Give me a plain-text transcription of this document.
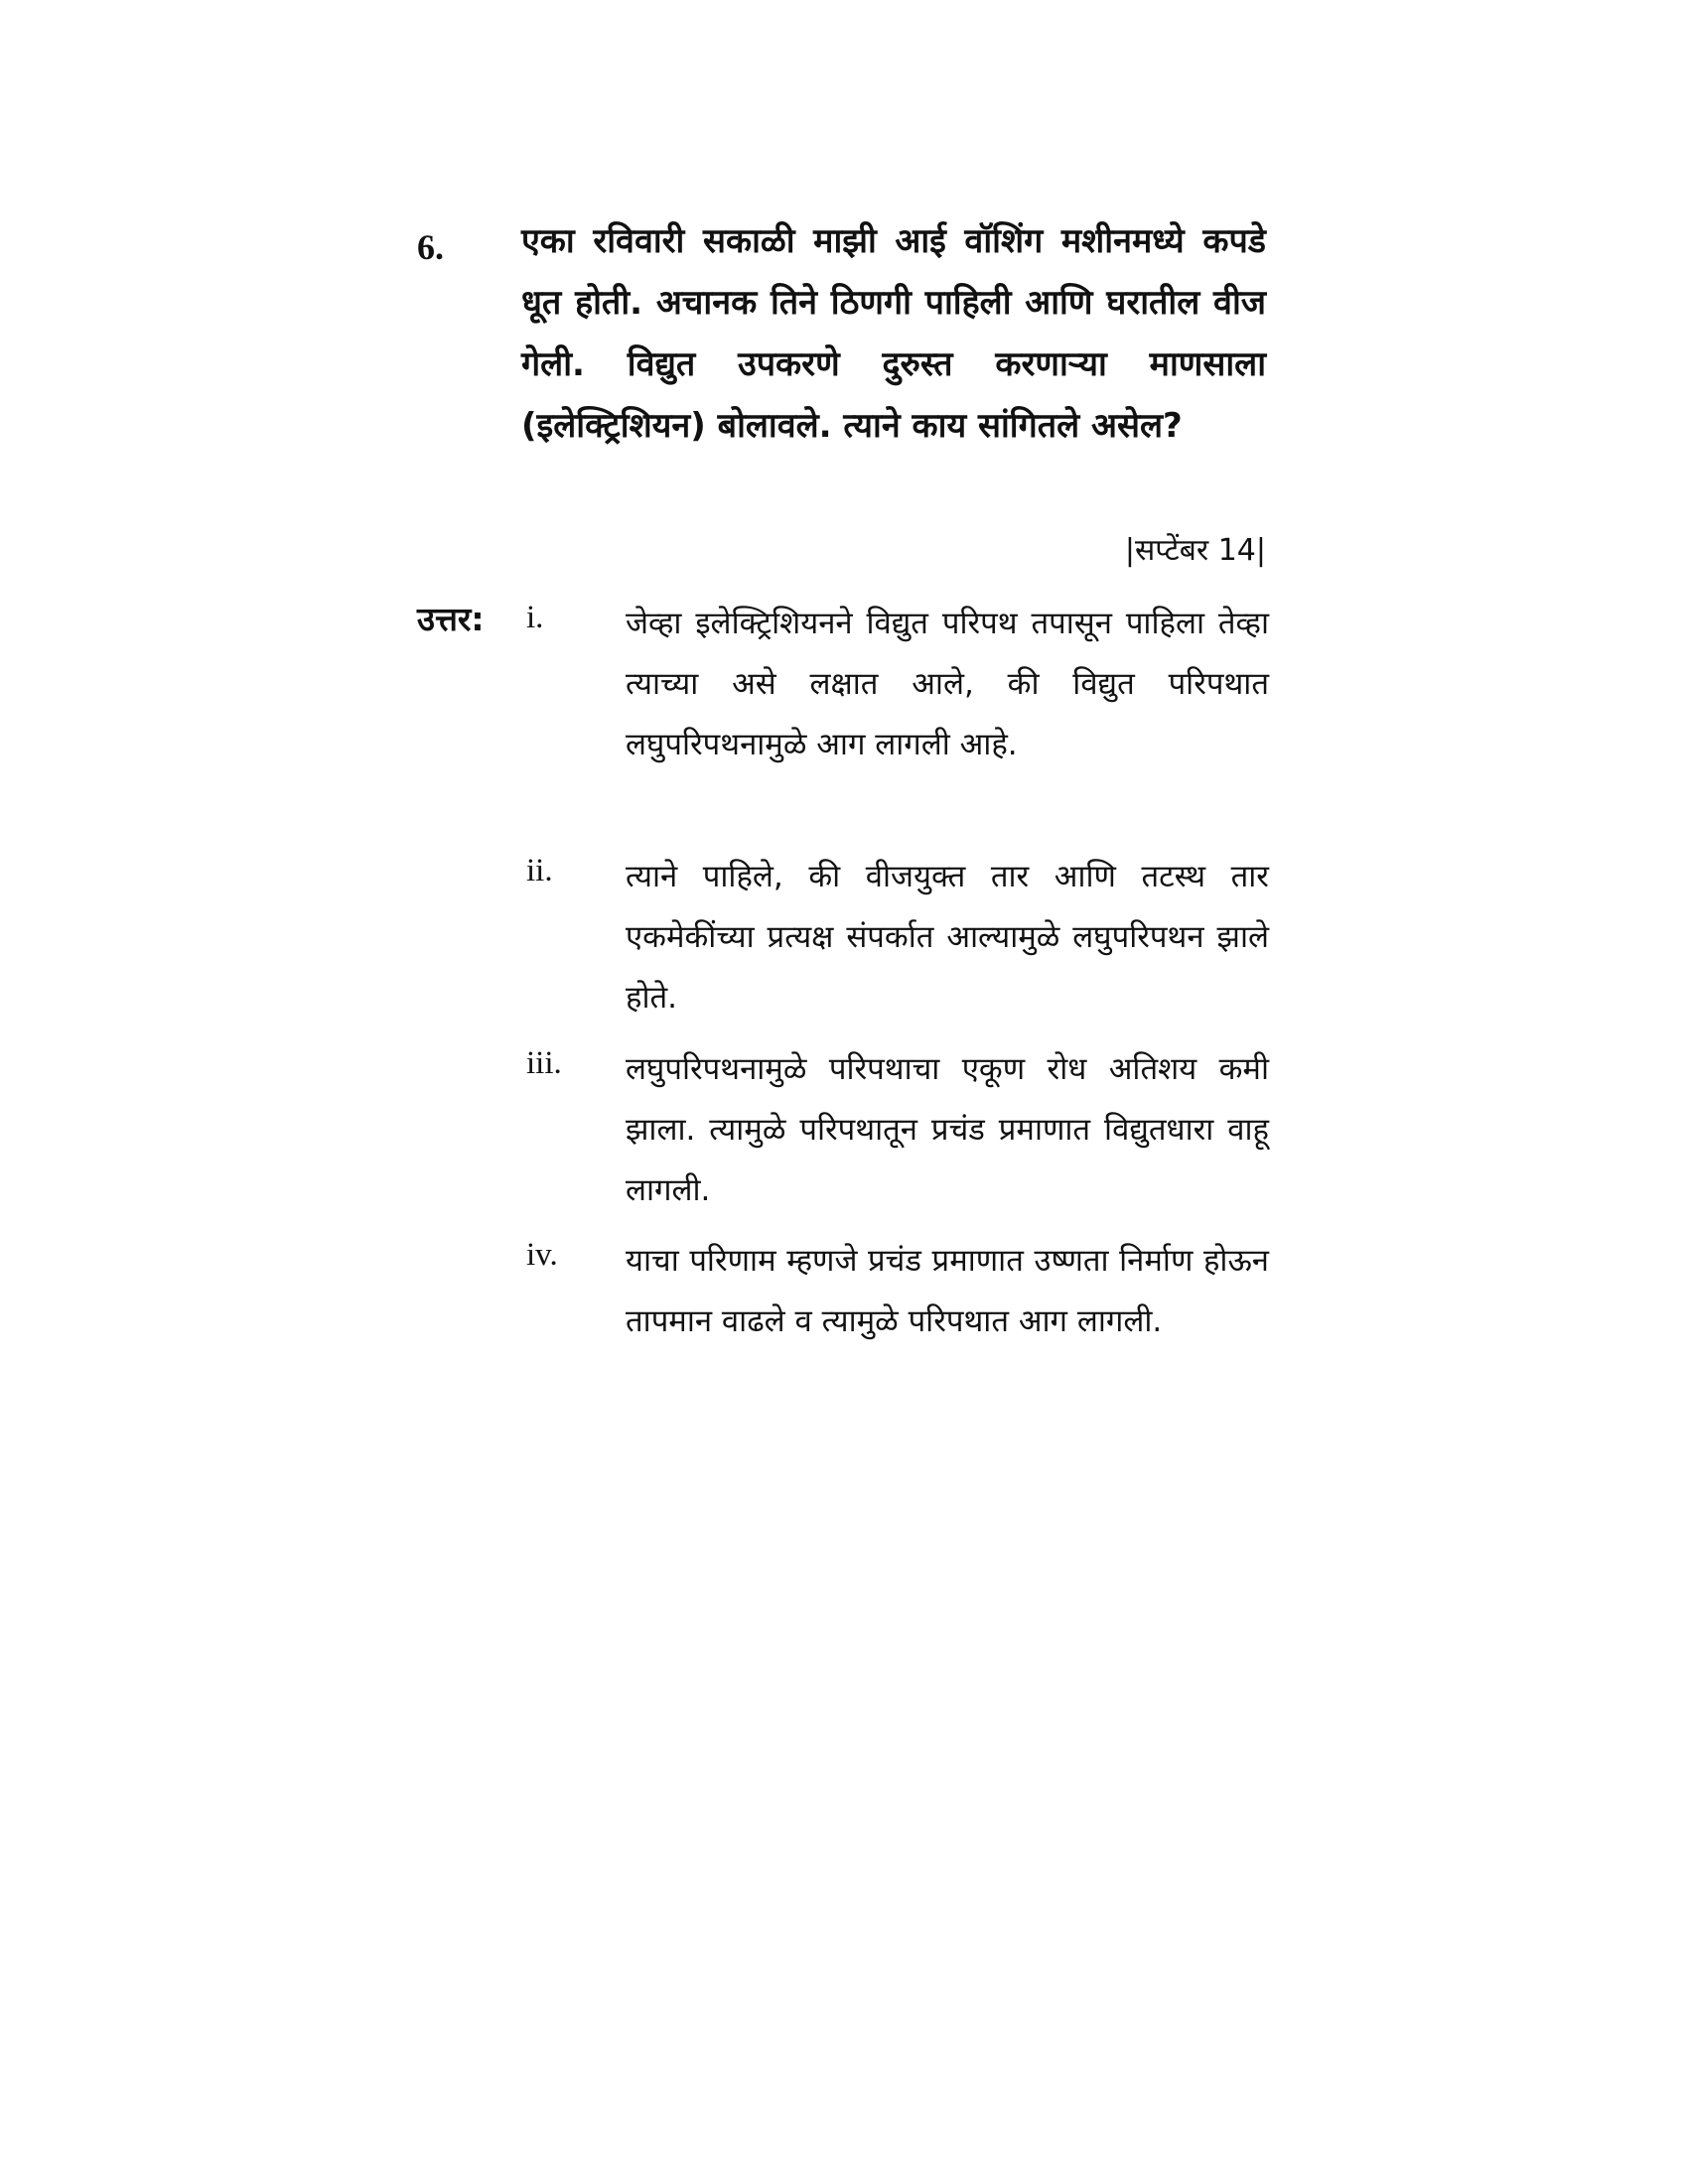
6. एका रविवारी सकाळी माझी आई वॉशिंग मशीनमध्ये कपडे धूत होती. अचानक तिने ठिणगी पाहिली आणि घरातील वीज गेली. विद्युत उपकरणे दुरुस्त करणाऱ्या माणसाला (इलेक्ट्रिशियन) बोलावले. त्याने काय सांगितले असेल?
|सप्टेंबर 14|
उत्तर: i.	जेव्हा इलेक्ट्रिशियनने विद्युत परिपथ तपासून पाहिला तेव्हा त्याच्या असे लक्षात आले, की विद्युत परिपथात लघुपरिपथनामुळे आग लागली आहे.
ii. त्याने पाहिले, की वीजयुक्त तार आणि तटस्थ तार एकमेकींच्या प्रत्यक्ष संपर्कात आल्यामुळे लघुपरिपथन झाले होते.
iii. लघुपरिपथनामुळे परिपथाचा एकूण रोध अतिशय कमी झाला. त्यामुळे परिपथातून प्रचंड प्रमाणात विद्युतधारा वाहू लागली.
iv. याचा परिणाम म्हणजे प्रचंड प्रमाणात उष्णता निर्माण होऊन तापमान वाढले व त्यामुळे परिपथात आग लागली.
